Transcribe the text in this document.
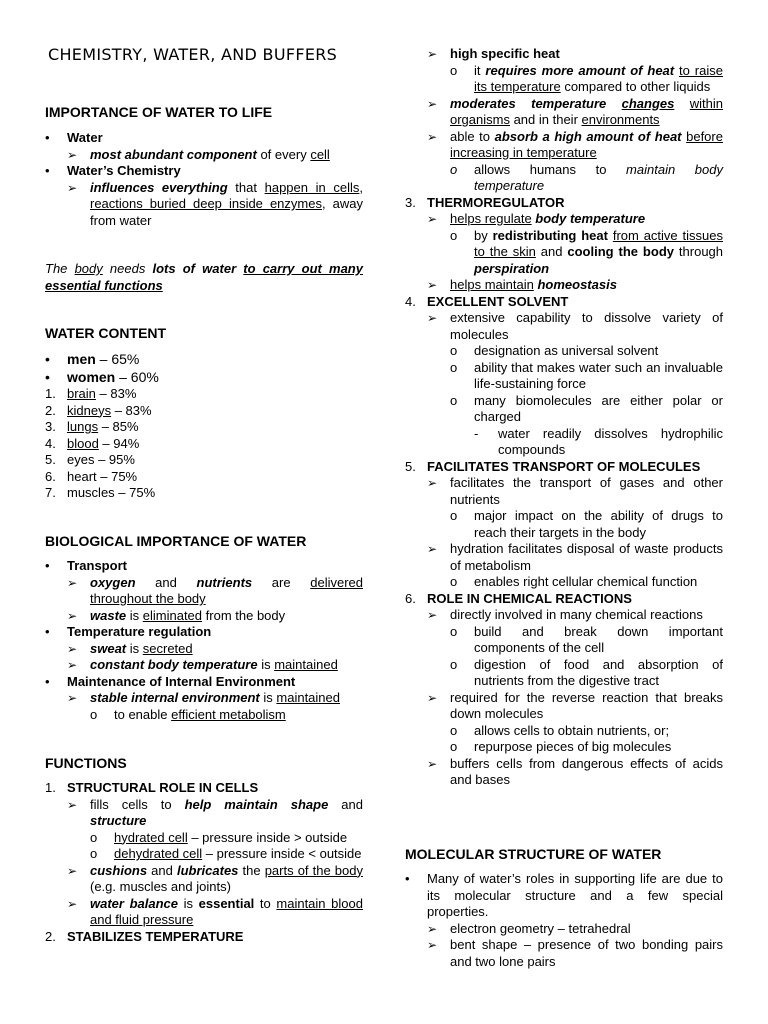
CHEMISTRY, WATER, AND BUFFERS
IMPORTANCE OF WATER TO LIFE
•	Water
➢ most abundant component of every cell
•	Water’s Chemistry
➢ influences everything that happen in cells, reactions buried deep inside enzymes, away from water
The body needs lots of water to carry out many essential functions
WATER CONTENT
•	men – 65%
•	women – 60%
1. brain – 83%
2. kidneys – 83%
3. lungs – 85%
4. blood – 94%
5. eyes – 95%
6. heart – 75%
7. muscles – 75%
BIOLOGICAL IMPORTANCE OF WATER
•	Transport
➢ oxygen and nutrients are delivered throughout the body
➢ waste is eliminated from the body
•	Temperature regulation
➢ sweat is secreted
➢ constant body temperature is maintained
•	Maintenance of Internal Environment
➢ stable internal environment is maintained
o	to enable efficient metabolism
FUNCTIONS
1. STRUCTURAL ROLE IN CELLS
➢ fills cells to help maintain shape and structure
o	hydrated cell – pressure inside > outside
o	dehydrated cell – pressure inside < outside
➢ cushions and lubricates the parts of the body (e.g. muscles and joints)
➢ water balance is essential to maintain blood and fluid pressure
2. STABILIZES TEMPERATURE
➢ high specific heat
o	it requires more amount of heat to raise its temperature compared to other liquids
➢ moderates temperature changes within organisms and in their environments
➢ able to absorb a high amount of heat before increasing in temperature
o	allows humans to maintain body temperature
3. THERMOREGULATOR
➢ helps regulate body temperature
o	by redistributing heat from active tissues to the skin and cooling the body through perspiration
➢ helps maintain homeostasis
4. EXCELLENT SOLVENT
➢ extensive capability to dissolve variety of molecules
o	designation as universal solvent
o	ability that makes water such an invaluable life-sustaining force
o	many biomolecules are either polar or charged
-	water readily dissolves hydrophilic compounds
5. FACILITATES TRANSPORT OF MOLECULES
➢ facilitates the transport of gases and other nutrients
o	major impact on the ability of drugs to reach their targets in the body
➢ hydration facilitates disposal of waste products of metabolism
o	enables right cellular chemical function
6. ROLE IN CHEMICAL REACTIONS
➢ directly involved in many chemical reactions
o	build and break down important components of the cell
o	digestion of food and absorption of nutrients from the digestive tract
➢ required for the reverse reaction that breaks down molecules
o	allows cells to obtain nutrients, or;
o	repurpose pieces of big molecules
➢ buffers cells from dangerous effects of acids and bases
MOLECULAR STRUCTURE OF WATER
•	Many of water’s roles in supporting life are due to its molecular structure and a few special properties.
➢ electron geometry – tetrahedral
➢ bent shape – presence of two bonding pairs and two lone pairs
